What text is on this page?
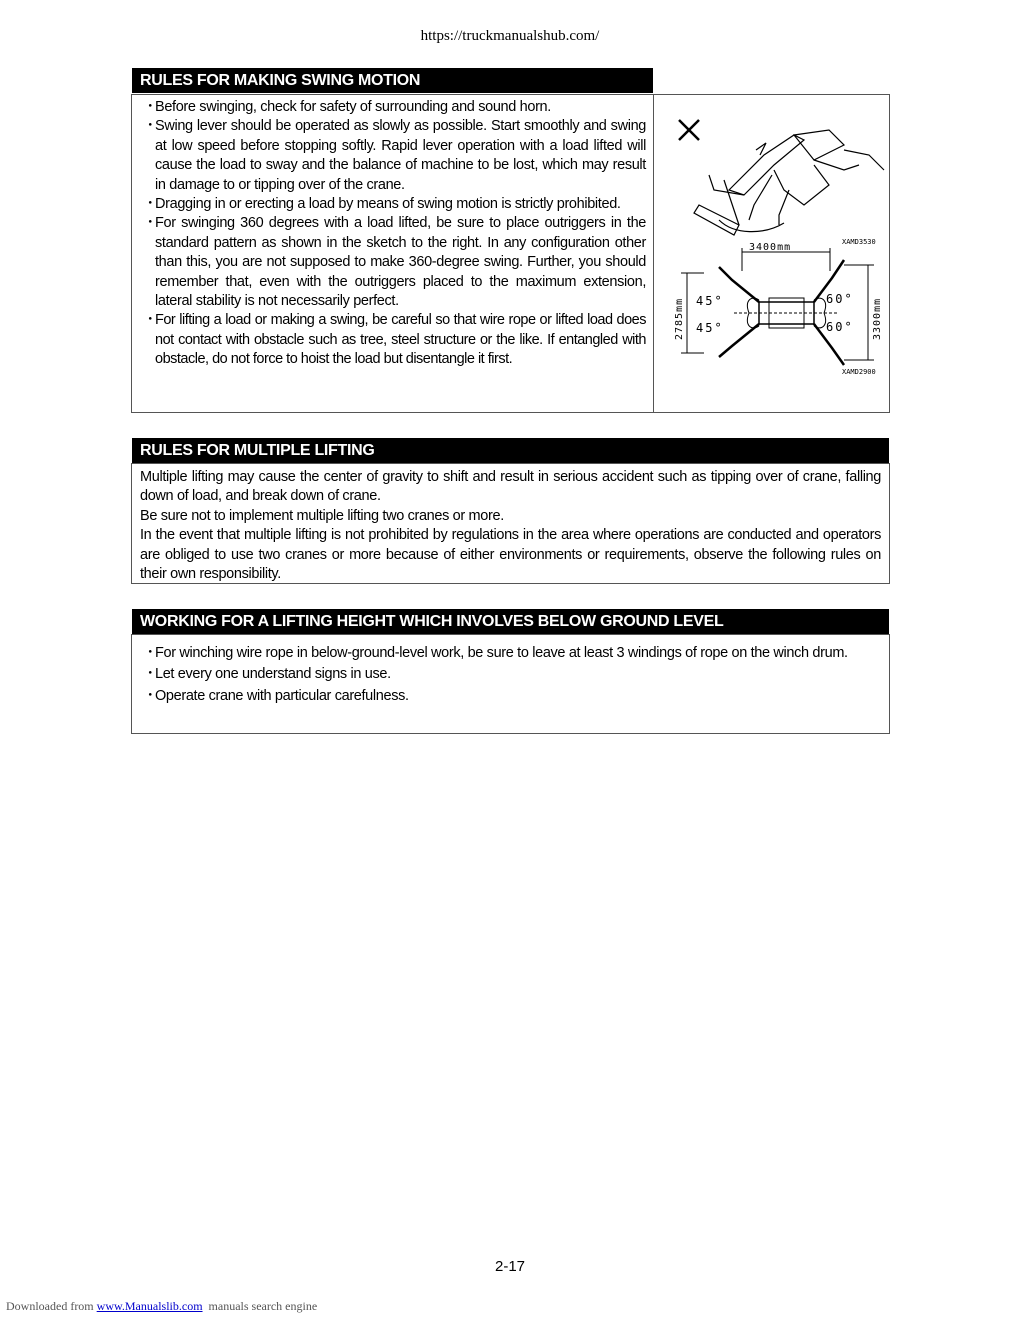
https://truckmanualshub.com/
RULES FOR MAKING SWING MOTION
・
Before swinging, check for safety of surrounding and sound horn.
・
Swing lever should be operated as slowly as possible. Start smoothly and swing at low speed before stopping softly. Rapid lever operation with a load lifted will cause the load to sway and the balance of machine to be lost, which may result in damage to or tipping over of the crane.
・
Dragging in or erecting a load by means of swing motion is strictly prohibited.
・
For swinging 360 degrees with a load lifted, be sure to place outriggers in the standard pattern as shown in the sketch to the right. In any configuration other than this, you are not supposed to make 360-degree swing. Further, you should remember that, even with the outriggers placed to the maximum extension, lateral stability is not necessarily perfect.
・
For lifting a load or making a swing, be careful so that wire rope or lifted load does not contact with obstacle such as tree, steel structure or the like. If entangled with obstacle, do not force to hoist the load but disentangle it first.
XAMD3530
3400mm
2785mm	3300mm
45°
45°
60°
60°
XAMD2900
RULES FOR MULTIPLE LIFTING
Multiple lifting may cause the center of gravity to shift and result in serious accident such as tipping over of crane, falling down of load, and break down of crane.
Be sure not to implement multiple lifting two cranes or more.
In the event that multiple lifting is not prohibited by regulations in the area where operations are conducted and operators are obliged to use two cranes or more because of either environments or requirements, observe the following rules on their own responsibility.
WORKING FOR A LIFTING HEIGHT WHICH INVOLVES BELOW GROUND LEVEL
・
For winching wire rope in below-ground-level work, be sure to leave at least 3 windings of rope on the winch drum.
・
Let every one understand signs in use.
・
Operate crane with particular carefulness.
2-17
Downloaded from www.Manualslib.com manuals search engine
